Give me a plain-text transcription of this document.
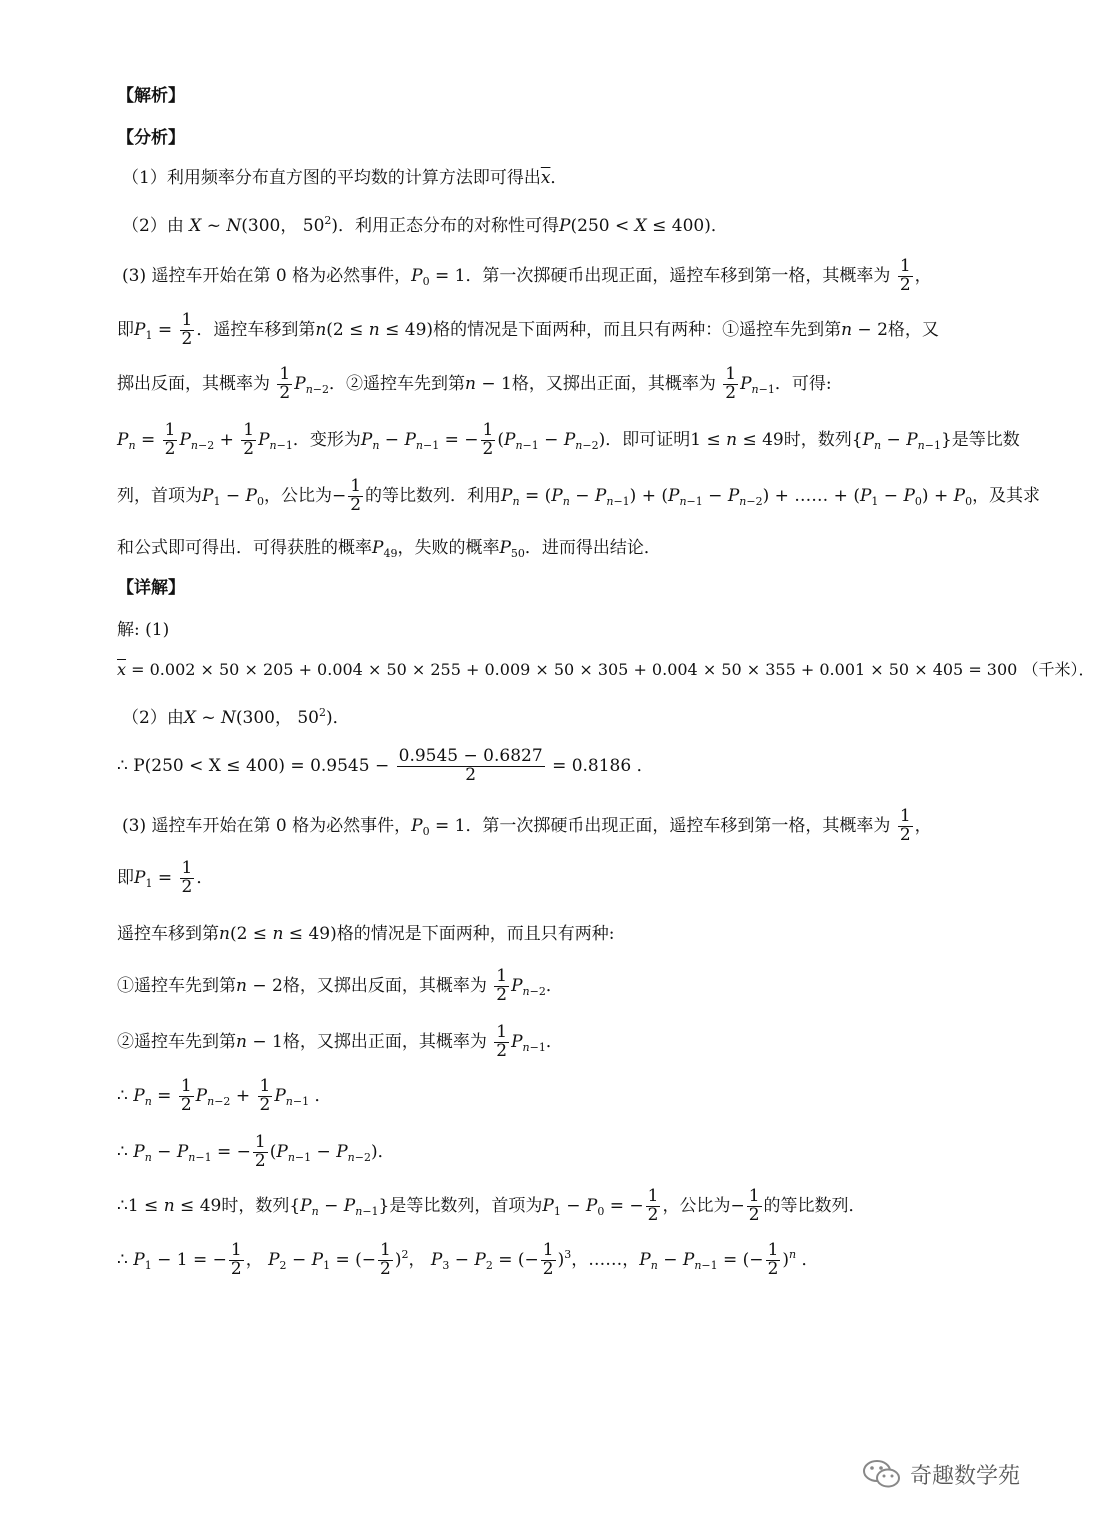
【解析】
【分析】
（1）利用频率分布直方图的平均数的计算方法即可得出$\overline{x}$．
（2）由 X ~ N(300， $50^2$)．利用正态分布的对称性可得P(250 < X ≤ 400)．
(3) 遥控车开始在第 0 格为必然事件，$P_0 = 1$．第一次掷硬币出现正面，遥控车移到第一格，其概率为 $\frac{1}{2}$ ，
即$P_1 = \frac{1}{2}$ ．遥控车移到第n(2 ≤ n ≤ 49)格的情况是下面两种，而且只有两种：①遥控车先到第n − 2格，又
掷出反面，其概率为 $\frac{1}{2} P_{n-2}$．②遥控车先到第n − 1格，又掷出正面，其概率为 $\frac{1}{2} P_{n-1}$．可得:
$P_n = \frac{1}{2} P_{n-2} + \frac{1}{2} P_{n-1}$．变形为$P_n - P_{n-1}$ = − $\frac{1}{2} (P_{n-1} - P_{n-2})$．即可证明1 ≤ n ≤ 49时，数列$\{P_n - P_{n-1}\}$是等比数
列，首项为$P_1 - P_0$，公比为− $\frac{1}{2}$ 的等比数列．利用$P_n = (P_n - P_{n-1}) + (P_{n-1} - P_{n-2})$ + …… + $(P_1 - P_0) + P_0$，及其求
和公式即可得出．可得获胜的概率$P_{49}$，失败的概率$P_{50}$．进而得出结论．
【详解】
解: (1)
$\overline{x} = 0.002 \times 50 \times 205 + 0.004 \times 50 \times 255 + 0.009 \times 50 \times 305 + 0.004 \times 50 \times 355 + 0.001 \times 50 \times 405 = 300$ （千米）．
（2）由X ~ N(300， $50^2$)．
∴ $P(250 < X \le 400) = 0.9545 - \frac{0.9545 - 0.6827}{2} = 0.8186$ ．
(3) 遥控车开始在第 0 格为必然事件，$P_0 = 1$．第一次掷硬币出现正面，遥控车移到第一格，其概率为 $\frac{1}{2}$ ，
即$P_1 = \frac{1}{2}$ ．
遥控车移到第n(2 ≤ n ≤ 49)格的情况是下面两种，而且只有两种:
①遥控车先到第n − 2格，又掷出反面，其概率为 $\frac{1}{2} P_{n-2}$．
②遥控车先到第n − 1格，又掷出正面，其概率为 $\frac{1}{2} P_{n-1}$．
∴ $P_n = \frac{1}{2} P_{n-2} + \frac{1}{2} P_{n-1}$ ．
∴ $P_n - P_{n-1}$ = − $\frac{1}{2} (P_{n-1} - P_{n-2})$．
∴1 ≤ n ≤ 49时，数列$\{P_n - P_{n-1}\}$是等比数列，首项为$P_1 - P_0$ = − $\frac{1}{2}$ ，公比为− $\frac{1}{2}$ 的等比数列．
∴ $P_1 - 1$ = − $\frac{1}{2}$ ， $P_2 - P_1$ = (− $\frac{1}{2} )^2$， $P_3 - P_2$ = (− $\frac{1}{2} )^3$，……，$P_n - P_{n-1}$ = (− $\frac{1}{2} )^n$ ．
奇趣数学苑
